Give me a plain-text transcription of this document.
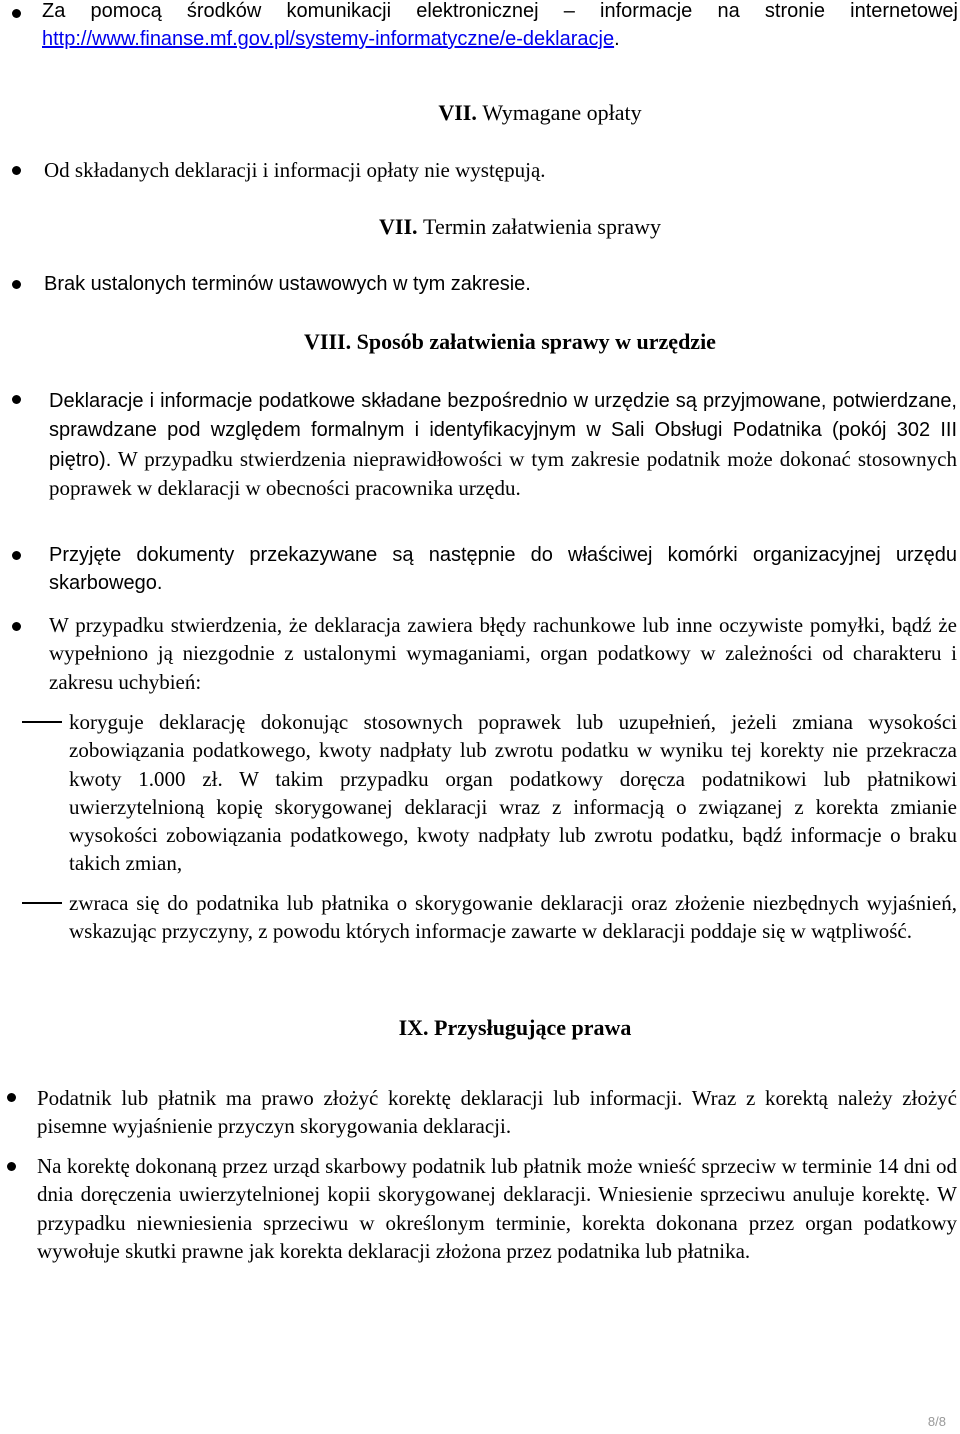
Za pomocą środków komunikacji elektronicznej – informacje na stronie internetowej http://www.finanse.mf.gov.pl/systemy-informatyczne/e-deklaracje.
VII. Wymagane opłaty
Od składanych deklaracji i informacji opłaty nie występują.
VII. Termin załatwienia sprawy
Brak ustalonych terminów ustawowych w tym zakresie.
VIII. Sposób załatwienia sprawy w urzędzie
Deklaracje i informacje podatkowe składane bezpośrednio w urzędzie są przyjmowane, potwierdzane, sprawdzane pod względem formalnym i identyfikacyjnym w Sali Obsługi Podatnika (pokój 302 III piętro). W przypadku stwierdzenia nieprawidłowości w tym zakresie podatnik może dokonać stosownych poprawek w deklaracji w obecności pracownika urzędu.
Przyjęte dokumenty przekazywane są następnie do właściwej komórki organizacyjnej urzędu skarbowego.
W przypadku stwierdzenia, że deklaracja zawiera błędy rachunkowe lub inne oczywiste pomyłki, bądź że wypełniono ją niezgodnie z ustalonymi wymaganiami, organ podatkowy w zależności od charakteru i zakresu uchybień:
koryguje deklarację dokonując stosownych poprawek lub uzupełnień, jeżeli zmiana wysokości zobowiązania podatkowego, kwoty nadpłaty lub zwrotu podatku w wyniku tej korekty nie przekracza kwoty 1.000 zł. W takim przypadku organ podatkowy doręcza podatnikowi lub płatnikowi uwierzytelnioną kopię skorygowanej deklaracji wraz z informacją o związanej z korekta zmianie wysokości zobowiązania podatkowego, kwoty nadpłaty lub zwrotu podatku, bądź informacje o braku takich zmian,
zwraca się do podatnika lub płatnika o skorygowanie deklaracji oraz złożenie niezbędnych wyjaśnień, wskazując przyczyny, z powodu których informacje zawarte w deklaracji poddaje się w wątpliwość.
IX. Przysługujące prawa
Podatnik lub płatnik ma prawo złożyć korektę deklaracji lub informacji. Wraz z korektą należy złożyć pisemne wyjaśnienie przyczyn skorygowania deklaracji.
Na korektę dokonaną przez urząd skarbowy podatnik lub płatnik może wnieść sprzeciw w terminie 14 dni od dnia doręczenia uwierzytelnionej kopii skorygowanej deklaracji. Wniesienie sprzeciwu anuluje korektę. W przypadku niewniesienia sprzeciwu w określonym terminie, korekta dokonana przez organ podatkowy wywołuje skutki prawne jak korekta deklaracji złożona przez podatnika lub płatnika.
8/8
